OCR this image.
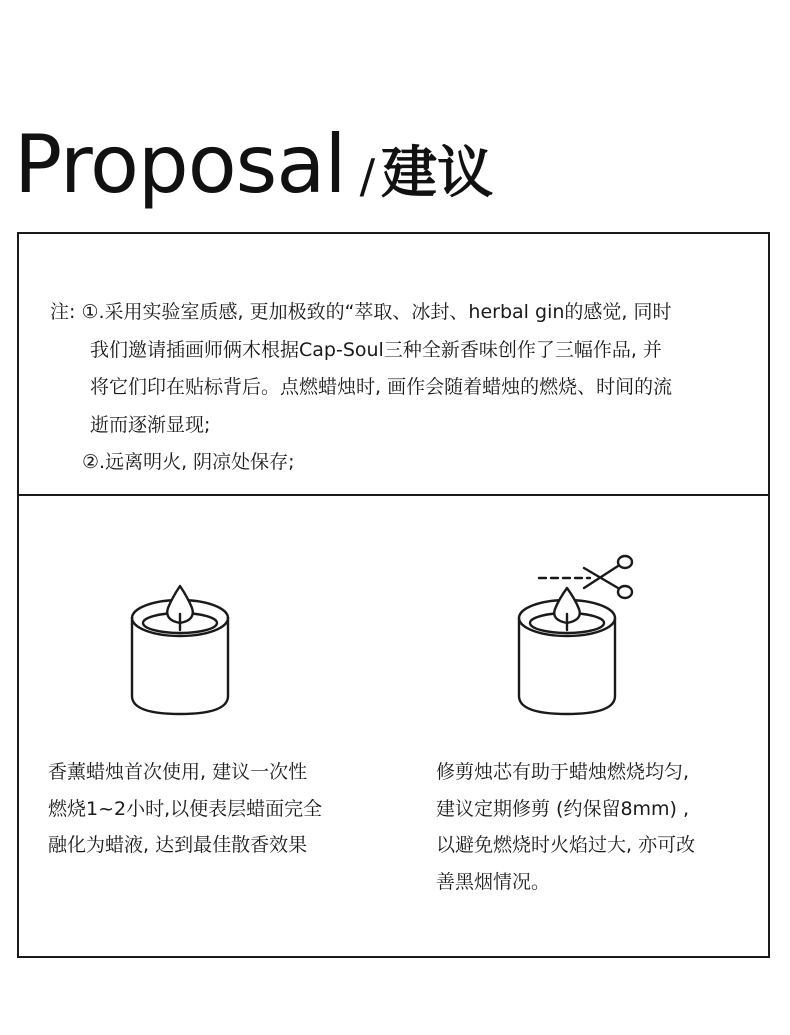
Proposal / 建议
注: ①.采用实验室质感, 更加极致的“萃取、冰封、herbal gin的感觉, 同时
我们邀请插画师俩木根据Cap-Soul三种全新香味创作了三幅作品, 并
将它们印在贴标背后。点燃蜡烛时, 画作会随着蜡烛的燃烧、时间的流
逝而逐渐显现;
②.远离明火, 阴凉处保存;
香薰蜡烛首次使用, 建议一次性
燃烧1~2小时,以便表层蜡面完全
融化为蜡液, 达到最佳散香效果
修剪烛芯有助于蜡烛燃烧均匀,
建议定期修剪 (约保留8mm) ,
以避免燃烧时火焰过大, 亦可改
善黑烟情况。
